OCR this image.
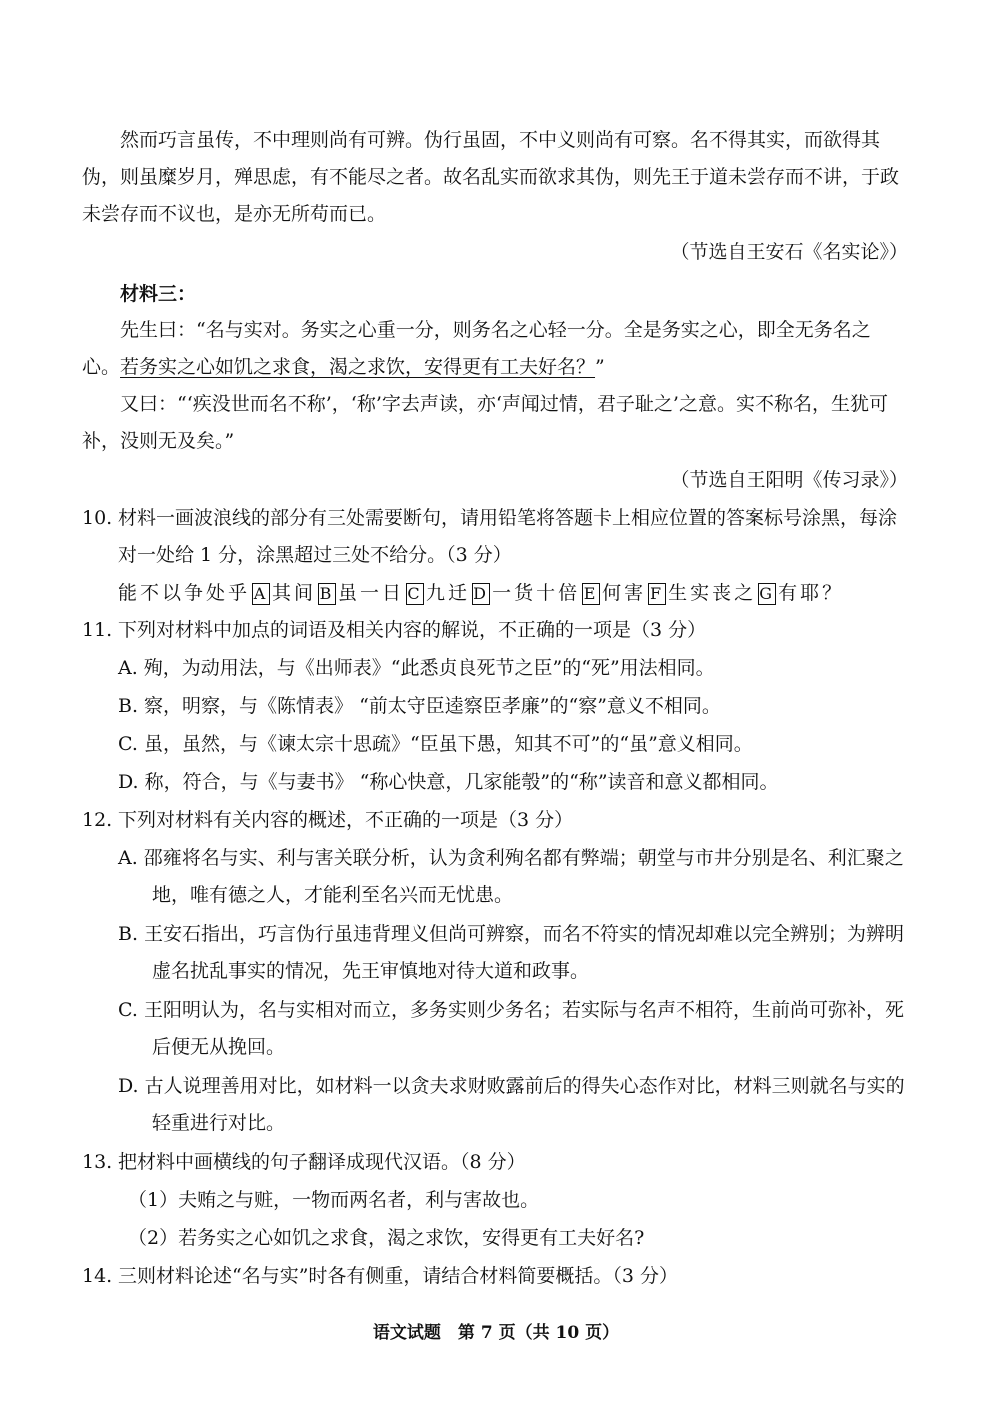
然而巧言虽传，不中理则尚有可辨。伪行虽固，不中义则尚有可察。名不得其实，而欲得其伪，则虽糜岁月，殚思虑，有不能尽之者。故名乱实而欲求其伪，则先王于道未尝存而不讲，于政未尝存而不议也，是亦无所苟而已。

（节选自王安石《名实论》）

材料三：

先生曰：“名与实对。务实之心重一分，则务名之心轻一分。全是务实之心，即全无务名之心。若务实之心如饥之求食，渴之求饮，安得更有工夫好名？”

又曰：“‘疾没世而名不称’，‘称’字去声读，亦‘声闻过情，君子耻之’之意。实不称名，生犹可补，没则无及矣。”

（节选自王阳明《传习录》）

10. 材料一画波浪线的部分有三处需要断句，请用铅笔将答题卡上相应位置的答案标号涂黑，每涂对一处给 1 分，涂黑超过三处不给分。（3 分）
能不以争处乎 A 其间 B 虽一日 C 九迁 D 一货十倍 E 何害 F 生实丧之 G 有耶？
11. 下列对材料中加点的词语及相关内容的解说，不正确的一项是（3 分）

A. 殉，为动用法，与《出师表》“此悉贞良死节之臣”的“死”用法相同。

B. 察，明察，与《陈情表》 “前太守臣逵察臣孝廉”的“察”意义不相同。

C. 虽，虽然，与《谏太宗十思疏》“臣虽下愚，知其不可”的“虽”意义相同。

D. 称，符合，与《与妻书》 “称心快意，几家能彀”的“称”读音和意义都相同。

12. 下列对材料有关内容的概述，不正确的一项是（3 分）

A. 邵雍将名与实、利与害关联分析，认为贪利殉名都有弊端；朝堂与市井分别是名、利汇聚之地，唯有德之人，才能利至名兴而无忧患。

B. 王安石指出，巧言伪行虽违背理义但尚可辨察，而名不符实的情况却难以完全辨别；为辨明虚名扰乱事实的情况，先王审慎地对待大道和政事。

C. 王阳明认为，名与实相对而立，多务实则少务名；若实际与名声不相符，生前尚可弥补，死后便无从挽回。

D. 古人说理善用对比，如材料一以贪夫求财败露前后的得失心态作对比，材料三则就名与实的轻重进行对比。

13. 把材料中画横线的句子翻译成现代汉语。（8 分）

（1）夫贿之与赃，一物而两名者，利与害故也。

（2）若务实之心如饥之求食，渴之求饮，安得更有工夫好名?

14. 三则材料论述“名与实”时各有侧重，请结合材料简要概括。（3 分）
语文试题　第 7 页（共 10 页）
